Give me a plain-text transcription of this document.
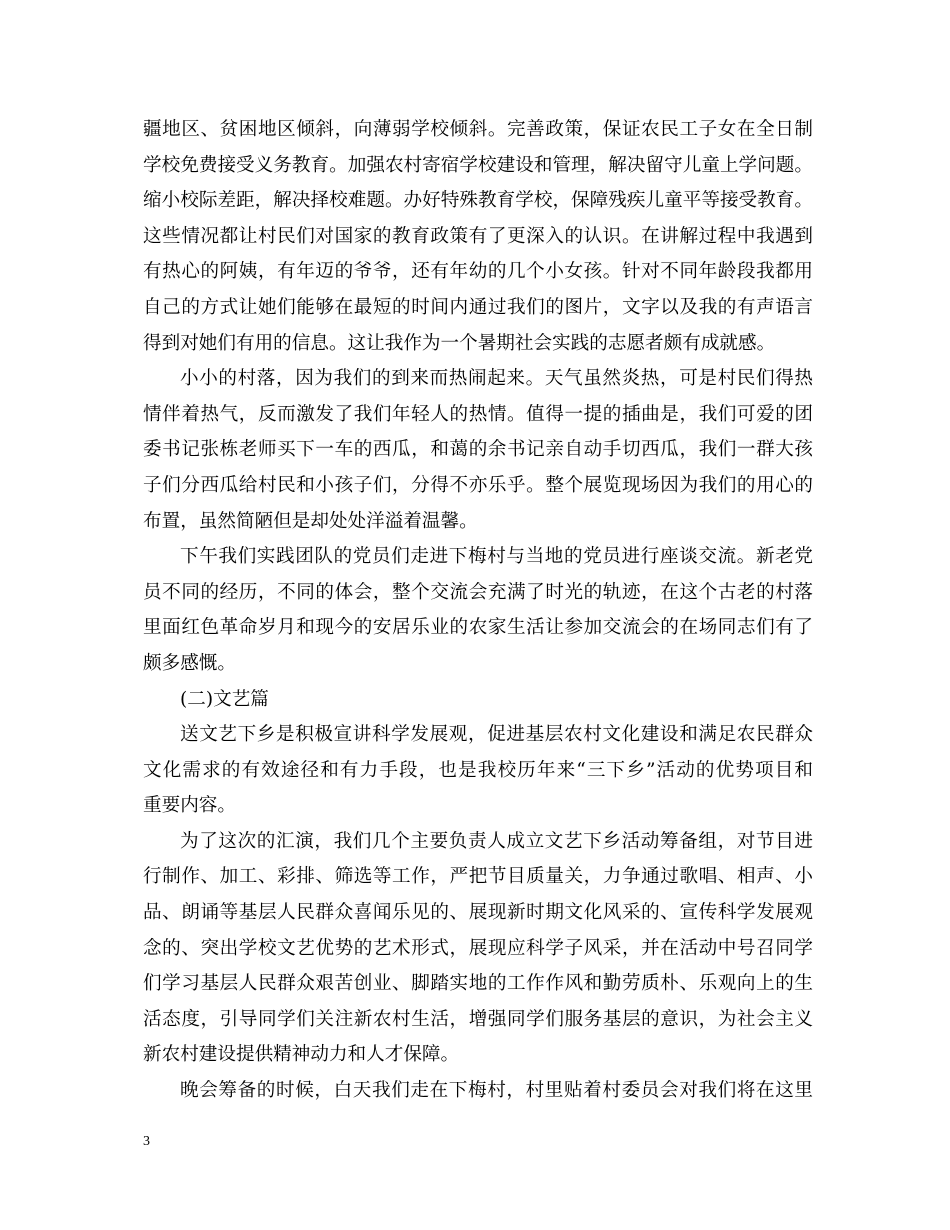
疆地区、贫困地区倾斜，向薄弱学校倾斜。完善政策，保证农民工子女在全日制
学校免费接受义务教育。加强农村寄宿学校建设和管理，解决留守儿童上学问题。
缩小校际差距，解决择校难题。办好特殊教育学校，保障残疾儿童平等接受教育。
这些情况都让村民们对国家的教育政策有了更深入的认识。在讲解过程中我遇到
有热心的阿姨，有年迈的爷爷，还有年幼的几个小女孩。针对不同年龄段我都用
自己的方式让她们能够在最短的时间内通过我们的图片，文字以及我的有声语言
得到对她们有用的信息。这让我作为一个暑期社会实践的志愿者颇有成就感。
小小的村落，因为我们的到来而热闹起来。天气虽然炎热，可是村民们得热
情伴着热气，反而激发了我们年轻人的热情。值得一提的插曲是，我们可爱的团
委书记张栋老师买下一车的西瓜，和蔼的余书记亲自动手切西瓜，我们一群大孩
子们分西瓜给村民和小孩子们，分得不亦乐乎。整个展览现场因为我们的用心的
布置，虽然简陋但是却处处洋溢着温馨。
下午我们实践团队的党员们走进下梅村与当地的党员进行座谈交流。新老党
员不同的经历，不同的体会，整个交流会充满了时光的轨迹，在这个古老的村落
里面红色革命岁月和现今的安居乐业的农家生活让参加交流会的在场同志们有了
颇多感慨。
(二)文艺篇
送文艺下乡是积极宣讲科学发展观，促进基层农村文化建设和满足农民群众
文化需求的有效途径和有力手段，也是我校历年来“三下乡”活动的优势项目和
重要内容。
为了这次的汇演，我们几个主要负责人成立文艺下乡活动筹备组，对节目进
行制作、加工、彩排、筛选等工作，严把节目质量关，力争通过歌唱、相声、小
品、朗诵等基层人民群众喜闻乐见的、展现新时期文化风采的、宣传科学发展观
念的、突出学校文艺优势的艺术形式，展现应科学子风采，并在活动中号召同学
们学习基层人民群众艰苦创业、脚踏实地的工作作风和勤劳质朴、乐观向上的生
活态度，引导同学们关注新农村生活，增强同学们服务基层的意识，为社会主义
新农村建设提供精神动力和人才保障。
晚会筹备的时候，白天我们走在下梅村，村里贴着村委员会对我们将在这里
3
